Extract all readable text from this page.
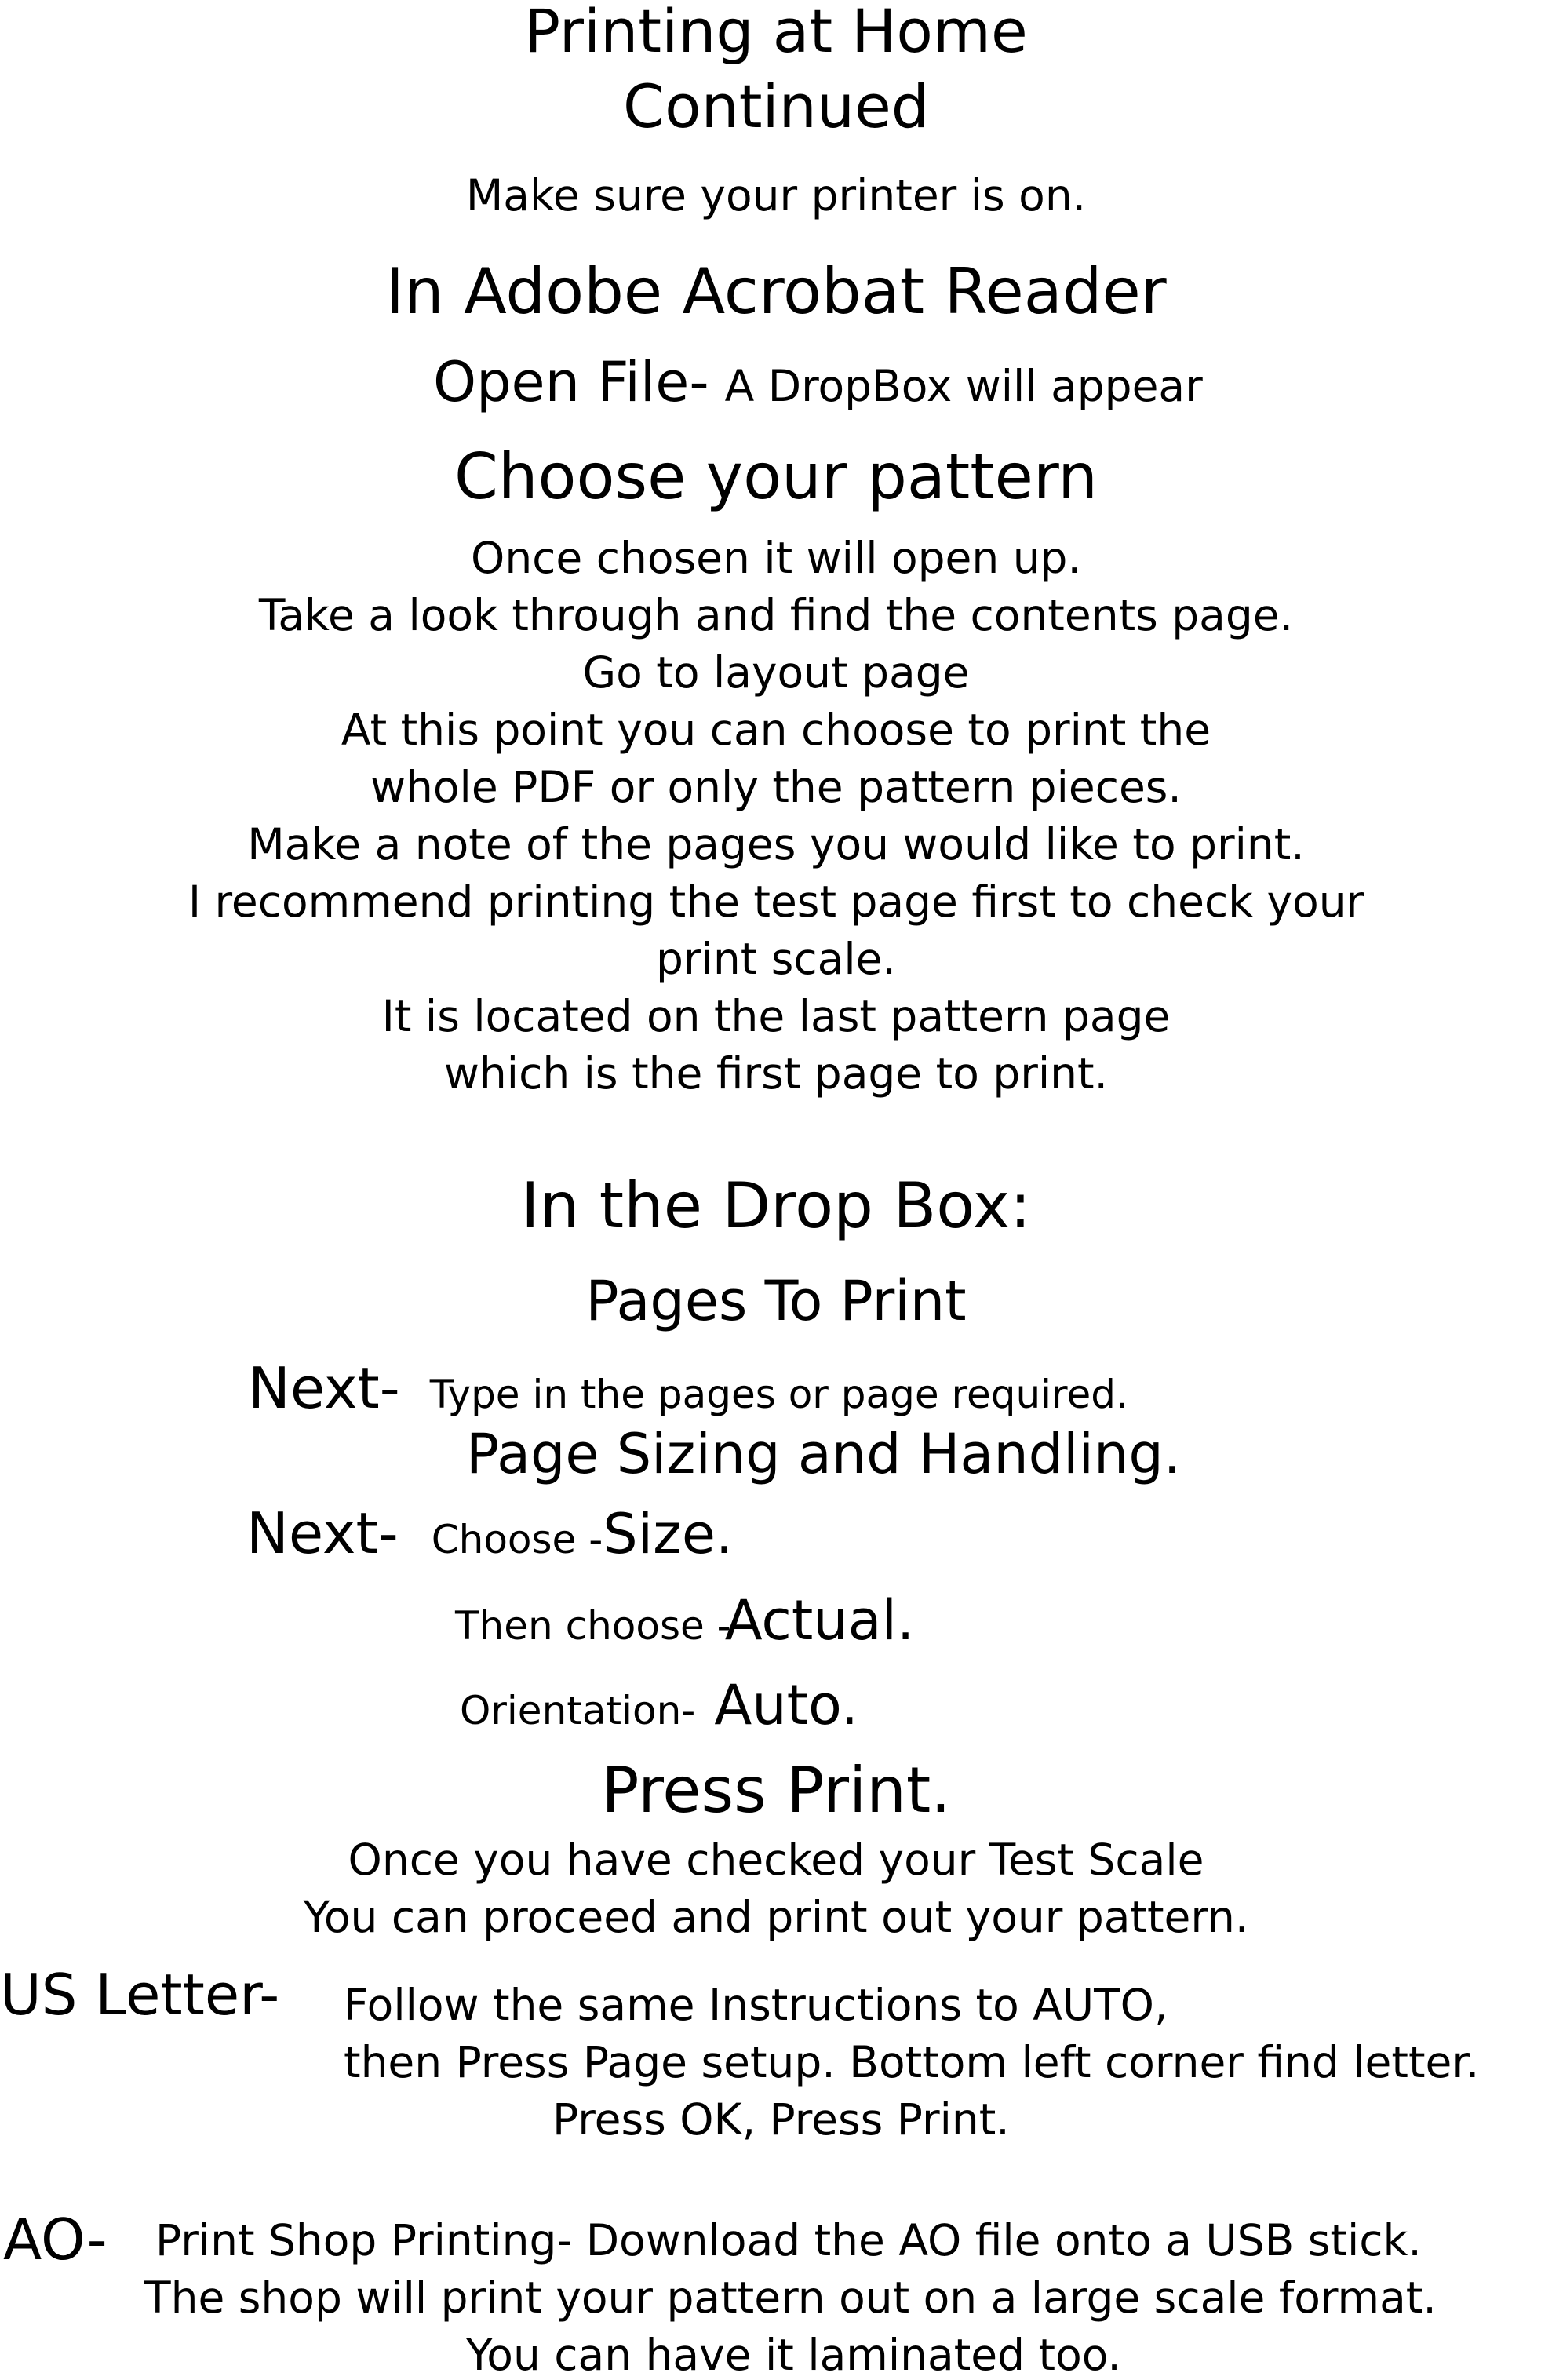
Printing at Home
Continued
Make sure your printer is on.
In Adobe Acrobat Reader
Open File- A DropBox will appear
Choose your pattern
Once chosen it will open up.
Take a look through and find the contents page.
Go to layout page
At this point you can choose to print the
whole PDF or only the pattern pieces.
Make a note of the pages you would like to print.
I recommend printing the test page first to check your
print scale.
It is located on the last pattern page
which is the first page to print.
In the Drop Box:
Pages To Print
Next- Type in the pages or page required.
Page Sizing and Handling.
Next- Choose - Size.
Then choose -
Actual.
Orientation- Auto.
Press Print.
Once you have checked your Test Scale
You can proceed and print out your pattern.
US Letter- Follow the same Instructions to AUTO,
then Press Page setup. Bottom left corner find letter.
Press OK, Press Print.
AO- Print Shop Printing- Download the AO file onto a USB stick.
The shop will print your pattern out on a large scale format.
You can have it laminated too.
